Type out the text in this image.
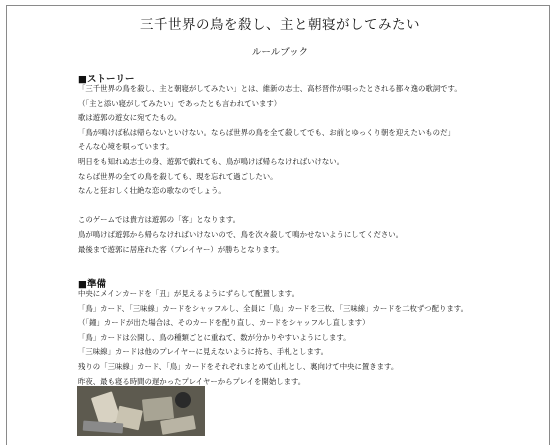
三千世界の鳥を殺し、主と朝寝がしてみたい
ルールブック
■ストーリー
「三千世界の鳥を殺し、主と朝寝がしてみたい」とは、維新の志士、高杉晋作が唄ったとされる都々逸の歌詞です。
（「主と添い寝がしてみたい」であったとも言われています）
歌は遊郭の遊女に宛てたもの。
「鳥が鳴けば私は帰らないといけない。ならば世界の鳥を全て殺してでも、お前とゆっくり朝を迎えたいものだ」
そんな心境を唄っています。
明日をも知れぬ志士の身、遊郭で戯れても、鳥が鳴けば帰らなければいけない。
ならば世界の全ての鳥を殺しても、現を忘れて過ごしたい。
なんと狂おしく壮絶な恋の歌なのでしょう。
このゲームでは貴方は遊郭の「客」となります。
鳥が鳴けば遊郭から帰らなければいけないので、鳥を次々殺して鳴かせないようにしてください。
最後まで遊郭に居座れた客（プレイヤー）が勝ちとなります。
■準備
中央にメインカードを「丑」が見えるようにずらして配置します。
「鳥」カード、「三味線」カードをシャッフルし、全員に「鳥」カードを三枚、「三味線」カードを二枚ずつ配ります。
（「鐘」カードが出た場合は、そのカードを配り直し、カードをシャッフルし直します）
「鳥」カードは公開し、鳥の種類ごとに重ねて、数が分かりやすいようにします。
「三味線」カードは他のプレイヤーに見えないように持ち、手札とします。
残りの「三味線」カード、「鳥」カードをそれぞれまとめて山札とし、裏向けて中央に置きます。
昨夜、最も寝る時間の遅かったプレイヤーからプレイを開始します。
